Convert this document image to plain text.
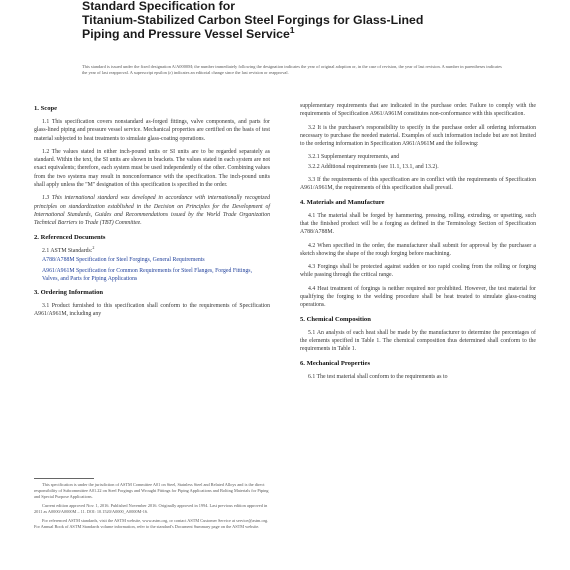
Standard Specification for
Titanium-Stabilized Carbon Steel Forgings for Glass-Lined
Piping and Pressure Vessel Service$^1$
This standard is issued under the fixed designation A/A0000M; the number immediately following the designation indicates the year of original adoption or, in the case of revision, the year of last revision. A number in parentheses indicates the year of last reapproval. A superscript epsilon (ε) indicates an editorial change since the last revision or reapproval.
1. Scope
1.1 This specification covers nonstandard as-forged fittings, valve components, and parts for glass-lined piping and pressure vessel service. Mechanical properties are certified on the basis of test material subjected to heat treatments to simulate glass-coating operations.
1.2 The values stated in either inch-pound units or SI units are to be regarded separately as standard. Within the text, the SI units are shown in brackets. The values stated in each system are not exact equivalents; therefore, each system must be used independently of the other. Combining values from the two systems may result in nonconformance with the specification. The inch-pound units shall apply unless the "M" designation of this specification is specified in the order.
1.3 This international standard was developed in accordance with internationally recognized principles on standardization established in the Decision on Principles for the Development of International Standards, Guides and Recommendations issued by the World Trade Organization Technical Barriers to Trade (TBT) Committee.
2. Referenced Documents
2.1 ASTM Standards:$^2$
A788/A788M Specification for Steel Forgings, General Requirements
A961/A961M Specification for Common Requirements for Steel Flanges, Forged Fittings, Valves, and Parts for Piping Applications
3. Ordering Information
3.1 Product furnished to this specification shall conform to the requirements of Specification A961/A961M, including any
This specification is under the jurisdiction of ASTM Committee A01 on Steel, Stainless Steel and Related Alloys and is the direct responsibility of Subcommittee A01.22 on Steel Forgings and Wrought Fittings for Piping Applications and Bolting Materials for Piping and Special Purpose Applications.
Current edition approved Nov. 1, 2016. Published November 2016. Originally approved in 1994. Last previous edition approved in 2011 as A0000/A0000M – 11. DOI: 10.1520/A0000_A0000M-16.
For referenced ASTM standards, visit the ASTM website, www.astm.org, or contact ASTM Customer Service at service@astm.org. For Annual Book of ASTM Standards volume information, refer to the standard's Document Summary page on the ASTM website.
supplementary requirements that are indicated in the purchase order. Failure to comply with the requirements of Specification A961/A961M constitutes non-conformance with this specification.
3.2 It is the purchaser's responsibility to specify in the purchase order all ordering information necessary to purchase the needed material. Examples of such information include but are not limited to the ordering information in Specification A961/A961M and the following:
3.2.1 Supplementary requirements, and
3.2.2 Additional requirements (see 11.1, 13.1, and 13.2).
3.3 If the requirements of this specification are in conflict with the requirements of Specification A961/A961M, the requirements of this specification shall prevail.
4. Materials and Manufacture
4.1 The material shall be forged by hammering, pressing, rolling, extruding, or upsetting, such that the finished product will be a forging as defined in the Terminology Section of Specification A788/A788M.
4.2 When specified in the order, the manufacturer shall submit for approval by the purchaser a sketch showing the shape of the rough forging before machining.
4.3 Forgings shall be protected against sudden or too rapid cooling from the rolling or forging while passing through the critical range.
4.4 Heat treatment of forgings is neither required nor prohibited. However, the test material for qualifying the forging to the welding procedure shall be heat treated to simulate glass-coating operations.
5. Chemical Composition
5.1 An analysis of each heat shall be made by the manufacturer to determine the percentages of the elements specified in Table 1. The chemical composition thus determined shall conform to the requirements in Table 1.
6. Mechanical Properties
6.1 The test material shall conform to the requirements as to
